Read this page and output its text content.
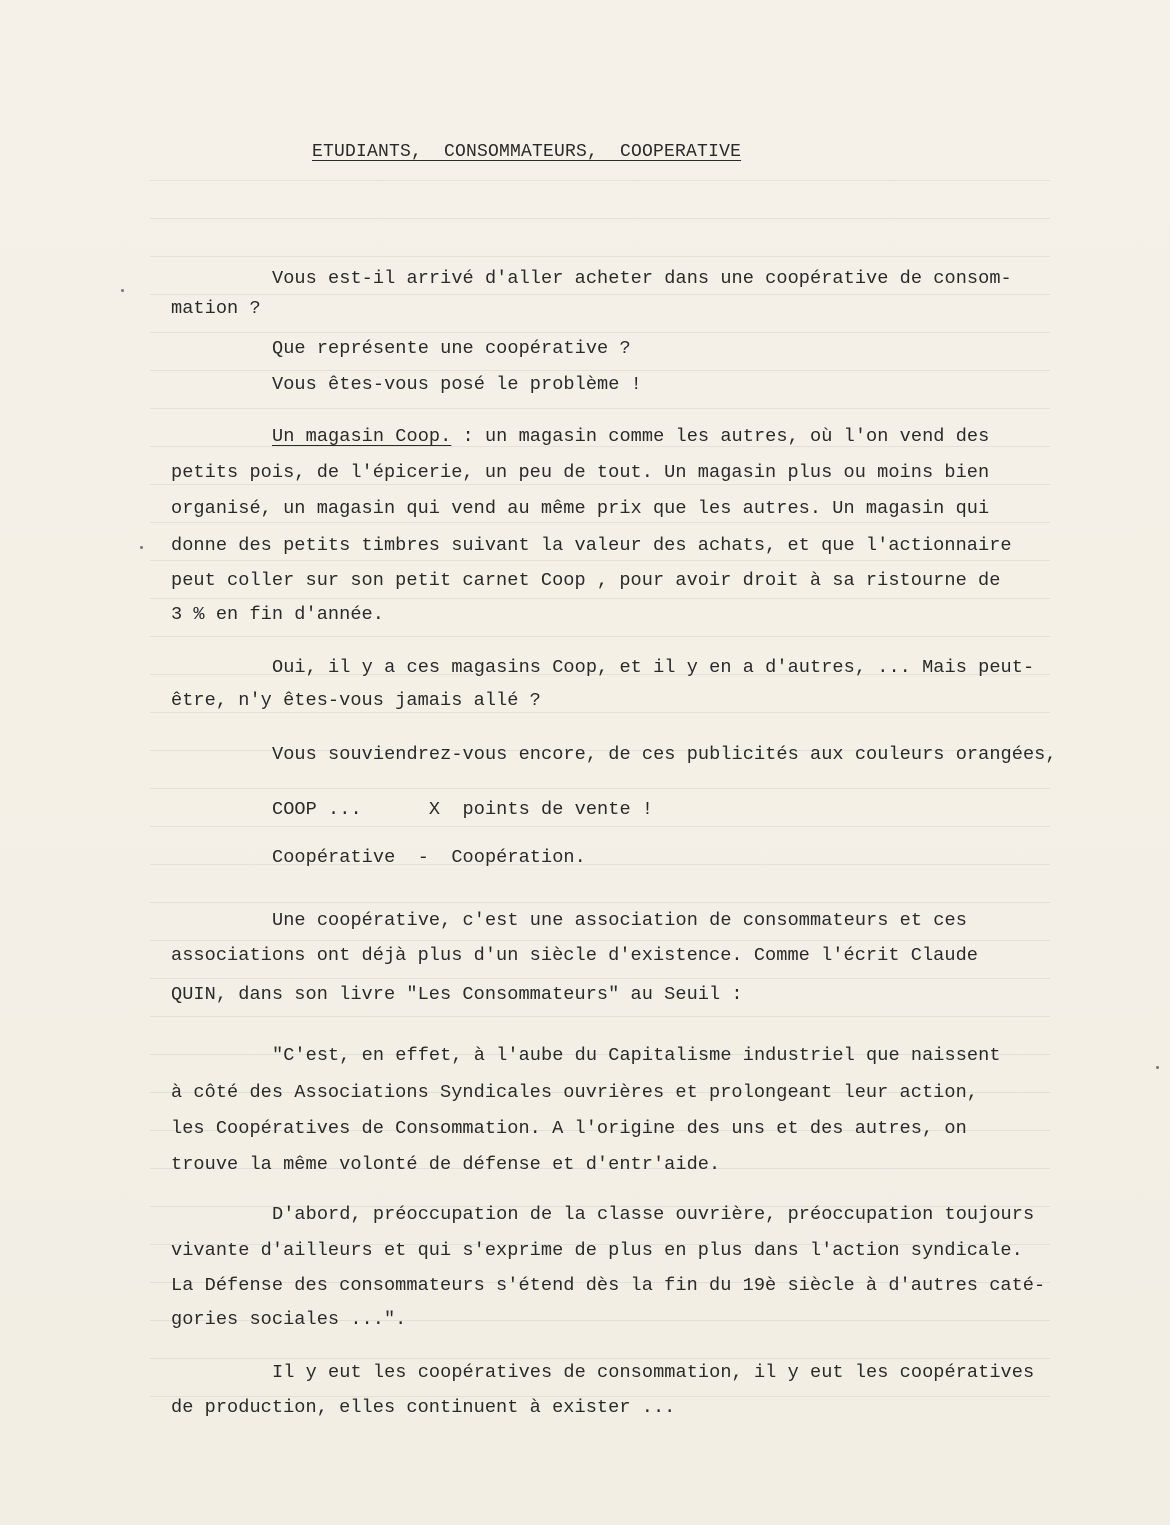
ETUDIANTS,  CONSOMMATEURS,  COOPERATIVE
Vous est-il arrivé d'aller acheter dans une coopérative de consom-
mation ?
Que représente une coopérative ?
Vous êtes-vous posé le problème !
Un magasin Coop. : un magasin comme les autres, où l'on vend des
petits pois, de l'épicerie, un peu de tout. Un magasin plus ou moins bien
organisé, un magasin qui vend au même prix que les autres. Un magasin qui
donne des petits timbres suivant la valeur des achats, et que l'actionnaire
peut coller sur son petit carnet Coop , pour avoir droit à sa ristourne de
3 % en fin d'année.
Oui, il y a ces magasins Coop, et il y en a d'autres, ... Mais peut-
être, n'y êtes-vous jamais allé ?
Vous souviendrez-vous encore, de ces publicités aux couleurs orangées,
COOP ...      X  points de vente !
Coopérative  -  Coopération.
Une coopérative, c'est une association de consommateurs et ces
associations ont déjà plus d'un siècle d'existence. Comme l'écrit Claude
QUIN, dans son livre "Les Consommateurs" au Seuil :
"C'est, en effet, à l'aube du Capitalisme industriel que naissent
à côté des Associations Syndicales ouvrières et prolongeant leur action,
les Coopératives de Consommation. A l'origine des uns et des autres, on
trouve la même volonté de défense et d'entr'aide.
D'abord, préoccupation de la classe ouvrière, préoccupation toujours
vivante d'ailleurs et qui s'exprime de plus en plus dans l'action syndicale.
La Défense des consommateurs s'étend dès la fin du 19è siècle à d'autres caté-
gories sociales ...".
Il y eut les coopératives de consommation, il y eut les coopératives
de production, elles continuent à exister ...
